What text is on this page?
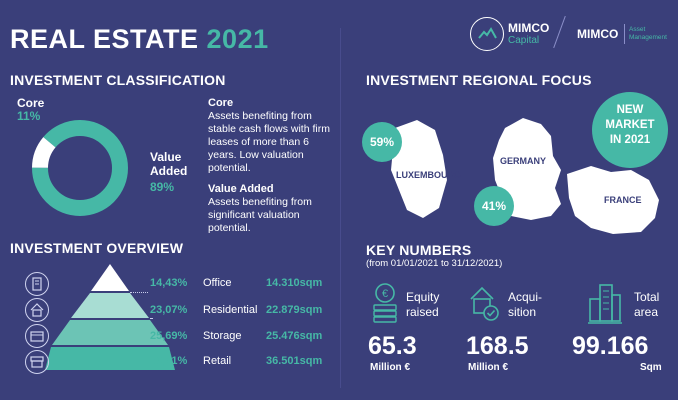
REAL ESTATE 2021	MIMCO
Capital	MIMCO Asset
Management
INVESTMENT CLASSIFICATION
Core
11%
Value
Added
89%
Core
Assets benefiting from stable cash flows with firm leases of more than 6 years. Low valuation potential.
Value Added
Assets benefiting from significant valuation potential.
INVESTMENT OVERVIEW
14,43% Office	14.310sqm
23,07% Residential 22.879sqm
25,69% Storage 25.476sqm
36,81% Retail	36.501sqm
INVESTMENT REGIONAL FOCUS
59%
LUXEMBOURG
GERMANY
41%	FRANCE
NEW
MARKET
IN 2021
KEY NUMBERS
(from 01/01/2021 to 31/12/2021)
€ Equity
raised
65.3
Million €
Acqui-
sition
168.5
Million €
Total
area
99.166
Sqm
